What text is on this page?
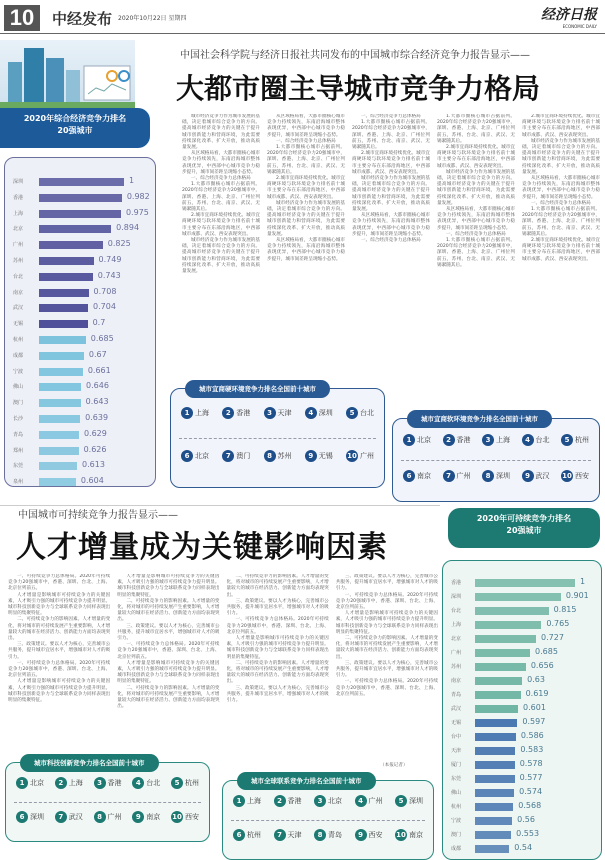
10	中经发布 2020年10月22日 星期四	经济日报
ECONOMIC DAILY
2020年综合经济竞争力排名
20强城市
深圳	1
香港	0.982
上海	0.975
北京	0.894
广州	0.825
苏州	0.749
台北	0.743
南京	0.708
武汉	0.704
无锡	0.7
杭州	0.685
成都	0.67
宁波	0.661
佛山	0.646
澳门	0.643
长沙	0.639
青岛	0.629
郑州	0.626
东莞	0.613
泉州	0.604
中国社会科学院与经济日报社共同发布的中国城市综合经济竞争力报告显示——
大都市圈主导城市竞争力格局

城市经济竞争力作为城市发展的基础，决定着城市综合竞争力的方向。提高城市经济竞争力的关键在于提升城市创新能力和营商环境，为此需要持续深化改革、扩大开放，推动高质量发展。

从区域格局看，大都市圈核心城市竞争力持续领先，东南沿海城市整体表现优异，中西部中心城市竞争力稳步提升，城市间差距呈现缩小态势。

一、综合经济竞争力总体格局

1.大都市圈核心城市占据前列。2020年综合经济竞争力20强城市中，深圳、香港、上海、北京、广州位列前五，苏州、台北、南京、武汉、无锡紧随其后。

2.城市宜商环境持续优化。城市宜商硬环境与软环境竞争力排名前十城市主要分布在东部沿海地区，中西部城市成都、武汉、西安表现突出。

城市经济竞争力作为城市发展的基础，决定着城市综合竞争力的方向。提高城市经济竞争力的关键在于提升城市创新能力和营商环境，为此需要持续深化改革、扩大开放，推动高质量发展。

从区域格局看，大都市圈核心城市竞争力持续领先，东南沿海城市整体表现优异，中西部中心城市竞争力稳步提升，城市间差距呈现缩小态势。

一、综合经济竞争力总体格局

1.大都市圈核心城市占据前列。2020年综合经济竞争力20强城市中，深圳、香港、上海、北京、广州位列前五，苏州、台北、南京、武汉、无锡紧随其后。

2.城市宜商环境持续优化。城市宜商硬环境与软环境竞争力排名前十城市主要分布在东部沿海地区，中西部城市成都、武汉、西安表现突出。

城市经济竞争力作为城市发展的基础，决定着城市综合竞争力的方向。提高城市经济竞争力的关键在于提升城市创新能力和营商环境，为此需要持续深化改革、扩大开放，推动高质量发展。

从区域格局看，大都市圈核心城市竞争力持续领先，东南沿海城市整体表现优异，中西部中心城市竞争力稳步提升，城市间差距呈现缩小态势。

一、综合经济竞争力总体格局

1.大都市圈核心城市占据前列。2020年综合经济竞争力20强城市中，深圳、香港、上海、北京、广州位列前五，苏州、台北、南京、武汉、无锡紧随其后。

2.城市宜商环境持续优化。城市宜商硬环境与软环境竞争力排名前十城市主要分布在东部沿海地区，中西部城市成都、武汉、西安表现突出。

城市经济竞争力作为城市发展的基础，决定着城市综合竞争力的方向。提高城市经济竞争力的关键在于提升城市创新能力和营商环境，为此需要持续深化改革、扩大开放，推动高质量发展。

从区域格局看，大都市圈核心城市竞争力持续领先，东南沿海城市整体表现优异，中西部中心城市竞争力稳步提升，城市间差距呈现缩小态势。

一、综合经济竞争力总体格局

1.大都市圈核心城市占据前列。2020年综合经济竞争力20强城市中，深圳、香港、上海、北京、广州位列前五，苏州、台北、南京、武汉、无锡紧随其后。

2.城市宜商环境持续优化。城市宜商硬环境与软环境竞争力排名前十城市主要分布在东部沿海地区，中西部城市成都、武汉、西安表现突出。

城市经济竞争力作为城市发展的基础，决定着城市综合竞争力的方向。提高城市经济竞争力的关键在于提升城市创新能力和营商环境，为此需要持续深化改革、扩大开放，推动高质量发展。

从区域格局看，大都市圈核心城市竞争力持续领先，东南沿海城市整体表现优异，中西部中心城市竞争力稳步提升，城市间差距呈现缩小态势。

一、综合经济竞争力总体格局

1.大都市圈核心城市占据前列。2020年综合经济竞争力20强城市中，深圳、香港、上海、北京、广州位列前五，苏州、台北、南京、武汉、无锡紧随其后。

2.城市宜商环境持续优化。城市宜商硬环境与软环境竞争力排名前十城市主要分布在东部沿海地区，中西部城市成都、武汉、西安表现突出。

城市经济竞争力作为城市发展的基础，决定着城市综合竞争力的方向。提高城市经济竞争力的关键在于提升城市创新能力和营商环境，为此需要持续深化改革、扩大开放，推动高质量发展。

从区域格局看，大都市圈核心城市竞争力持续领先，东南沿海城市整体表现优异，中西部中心城市竞争力稳步提升，城市间差距呈现缩小态势。

一、综合经济竞争力总体格局

1.大都市圈核心城市占据前列。2020年综合经济竞争力20强城市中，深圳、香港、上海、北京、广州位列前五，苏州、台北、南京、武汉、无锡紧随其后。

2.城市宜商环境持续优化。城市宜商硬环境与软环境竞争力排名前十城市主要分布在东部沿海地区，中西部城市成都、武汉、西安表现突出。

城市宜商硬环境竞争力排名全国前十城市
1 上海	2 香港	3 天津	4 深圳	5 台北
6 北京	7 澳门	8 苏州	9 无锡 10 广州
城市宜商软环境竞争力排名全国前十城市
1 北京	2 香港	3 上海	4 台北	5 杭州
6 南京	7 广州	8 深圳	9 武汉 10 西安
中国城市可持续竞争力报告显示——
人才增量成为关键影响因素

一、可持续竞争力总体格局。2020年可持续竞争力20强城市中，香港、深圳、台北、上海、北京位列前五。

人才增量是影响城市可持续竞争力的关键因素，人才吸引力强的城市可持续竞争力提升明显。城市科技创新竞争力与全球联系竞争力同样表现出明显的集聚特征。

二、可持续竞争力的影响因素。人才增量的变化，将对城市的可持续发展产生重要影响，人才增量较大的城市在经济活力、创新能力方面均表现突出。

三、政策建议。要以人才为核心，完善城市公共服务，提升城市宜居水平，增强城市对人才的吸引力。

一、可持续竞争力总体格局。2020年可持续竞争力20强城市中，香港、深圳、台北、上海、北京位列前五。

人才增量是影响城市可持续竞争力的关键因素，人才吸引力强的城市可持续竞争力提升明显。城市科技创新竞争力与全球联系竞争力同样表现出明显的集聚特征。

人才增量是影响城市可持续竞争力的关键因素，人才吸引力强的城市可持续竞争力提升明显。城市科技创新竞争力与全球联系竞争力同样表现出明显的集聚特征。

二、可持续竞争力的影响因素。人才增量的变化，将对城市的可持续发展产生重要影响，人才增量较大的城市在经济活力、创新能力方面均表现突出。

三、政策建议。要以人才为核心，完善城市公共服务，提升城市宜居水平，增强城市对人才的吸引力。

一、可持续竞争力总体格局。2020年可持续竞争力20强城市中，香港、深圳、台北、上海、北京位列前五。

人才增量是影响城市可持续竞争力的关键因素，人才吸引力强的城市可持续竞争力提升明显。城市科技创新竞争力与全球联系竞争力同样表现出明显的集聚特征。

二、可持续竞争力的影响因素。人才增量的变化，将对城市的可持续发展产生重要影响，人才增量较大的城市在经济活力、创新能力方面均表现突出。

二、可持续竞争力的影响因素。人才增量的变化，将对城市的可持续发展产生重要影响，人才增量较大的城市在经济活力、创新能力方面均表现突出。

三、政策建议。要以人才为核心，完善城市公共服务，提升城市宜居水平，增强城市对人才的吸引力。

一、可持续竞争力总体格局。2020年可持续竞争力20强城市中，香港、深圳、台北、上海、北京位列前五。

人才增量是影响城市可持续竞争力的关键因素，人才吸引力强的城市可持续竞争力提升明显。城市科技创新竞争力与全球联系竞争力同样表现出明显的集聚特征。

二、可持续竞争力的影响因素。人才增量的变化，将对城市的可持续发展产生重要影响，人才增量较大的城市在经济活力、创新能力方面均表现突出。

三、政策建议。要以人才为核心，完善城市公共服务，提升城市宜居水平，增强城市对人才的吸引力。

三、政策建议。要以人才为核心，完善城市公共服务，提升城市宜居水平，增强城市对人才的吸引力。

一、可持续竞争力总体格局。2020年可持续竞争力20强城市中，香港、深圳、台北、上海、北京位列前五。

人才增量是影响城市可持续竞争力的关键因素，人才吸引力强的城市可持续竞争力提升明显。城市科技创新竞争力与全球联系竞争力同样表现出明显的集聚特征。

二、可持续竞争力的影响因素。人才增量的变化，将对城市的可持续发展产生重要影响，人才增量较大的城市在经济活力、创新能力方面均表现突出。

三、政策建议。要以人才为核心，完善城市公共服务，提升城市宜居水平，增强城市对人才的吸引力。

一、可持续竞争力总体格局。2020年可持续竞争力20强城市中，香港、深圳、台北、上海、北京位列前五。

（本报记者）
城市科技创新竞争力排名全国前十城市
1 北京	2 上海	3 香港	4 台北	5 杭州
6 深圳	7 武汉	8 广州	9 南京 10 西安
城市全球联系竞争力排名全国前十城市
1 上海	2 香港	3 北京	4 广州	5 深圳
6 杭州	7 天津	8 青岛	9 西安 10 南京
2020年可持续竞争力排名
20强城市
香港	1
深圳	0.901
台北	0.815
上海	0.765
北京	0.727
广州	0.685
苏州	0.656
南京	0.63
青岛	0.619
武汉	0.601
无锡	0.597
台中	0.586
天津	0.583
厦门	0.578
东莞	0.577
佛山	0.574
杭州	0.568
宁波	0.56
澳门	0.553
成都	0.54
